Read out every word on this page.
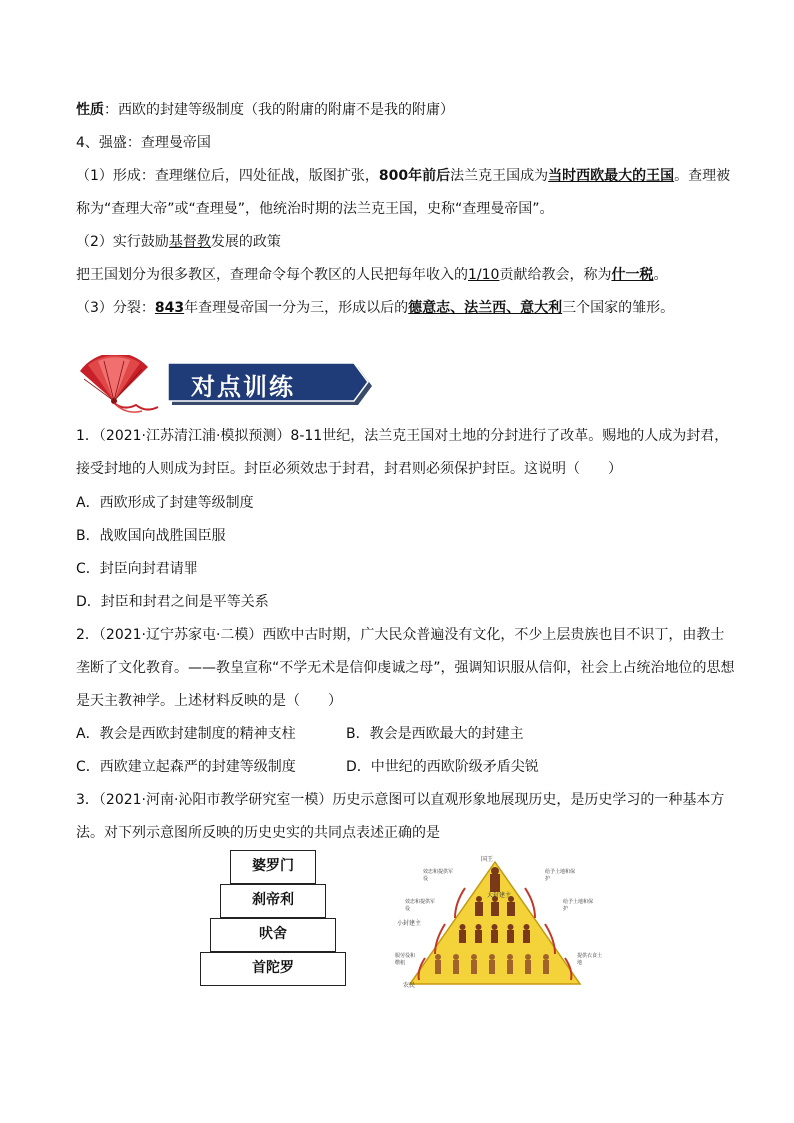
性质：西欧的封建等级制度（我的附庸的附庸不是我的附庸）
4、强盛：查理曼帝国
（1）形成：查理继位后，四处征战，版图扩张，800年前后法兰克王国成为当时西欧最大的王国。查理被
称为“查理大帝”或“查理曼”，他统治时期的法兰克王国，史称“查理曼帝国”。
（2）实行鼓励基督教发展的政策
把王国划分为很多教区，查理命令每个教区的人民把每年收入的1/10贡献给教会，称为什一税。
（3）分裂：843年查理曼帝国一分为三，形成以后的德意志、法兰西、意大利三个国家的雏形。
对点训练
1．（2021·江苏清江浦·模拟预测）8-11世纪，法兰克王国对土地的分封进行了改革。赐地的人成为封君，
接受封地的人则成为封臣。封臣必须效忠于封君，封君则必须保护封臣。这说明（　　）
A．西欧形成了封建等级制度
B．战败国向战胜国臣服
C．封臣向封君请罪
D．封臣和封君之间是平等关系
2．（2021·辽宁苏家屯·二模）西欧中古时期，广大民众普遍没有文化，不少上层贵族也目不识丁，由教士
垄断了文化教育。——教皇宣称“不学无术是信仰虔诚之母”，强调知识服从信仰，社会上占统治地位的思想
是天主教神学。上述材料反映的是（　　）
A．教会是西欧封建制度的精神支柱	B．教会是西欧最大的封建主
C．西欧建立起森严的封建等级制度	D．中世纪的西欧阶级矛盾尖锐
3．（2021·河南·沁阳市教学研究室一模）历史示意图可以直观形象地展现历史，是历史学习的一种基本方
法。对下列示意图所反映的历史史实的共同点表述正确的是
婆罗门
刹帝利
吠舍
首陀罗
国王
大封建主
小封建主
农民
效忠和提供军役
效忠和提供军役
服劳役和缴租
给予土地和保护
给予土地和保护
提供衣食土地
